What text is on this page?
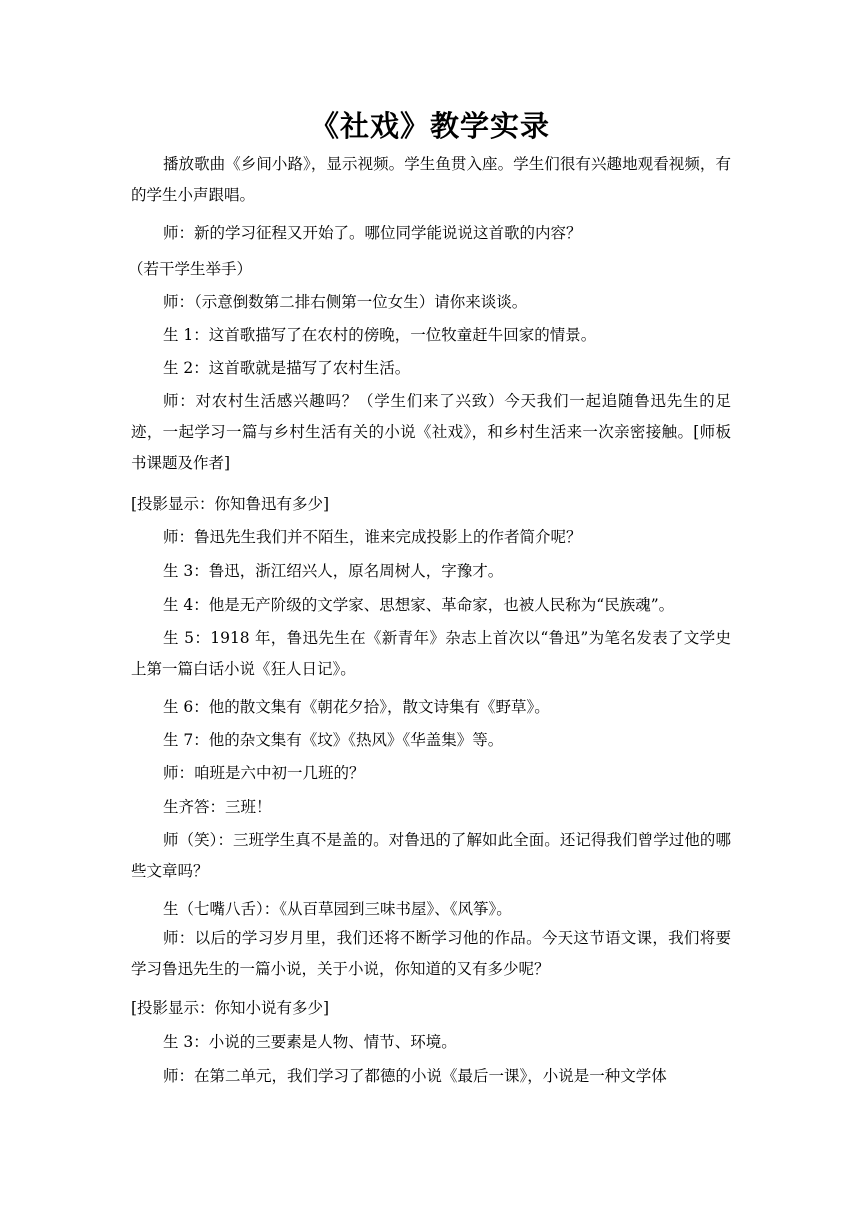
《社戏》教学实录
播放歌曲《乡间小路》，显示视频。学生鱼贯入座。学生们很有兴趣地观看视频，有的学生小声跟唱。
师：新的学习征程又开始了。哪位同学能说说这首歌的内容？
（若干学生举手）
师：（示意倒数第二排右侧第一位女生）请你来谈谈。
生 1：这首歌描写了在农村的傍晚，一位牧童赶牛回家的情景。
生 2：这首歌就是描写了农村生活。
师：对农村生活感兴趣吗？（学生们来了兴致）今天我们一起追随鲁迅先生的足迹，一起学习一篇与乡村生活有关的小说《社戏》，和乡村生活来一次亲密接触。[师板书课题及作者]
[投影显示：你知鲁迅有多少]
师：鲁迅先生我们并不陌生，谁来完成投影上的作者简介呢？
生 3：鲁迅，浙江绍兴人，原名周树人，字豫才。
生 4：他是无产阶级的文学家、思想家、革命家，也被人民称为“民族魂”。
生 5：1918 年，鲁迅先生在《新青年》杂志上首次以“鲁迅”为笔名发表了文学史上第一篇白话小说《狂人日记》。
生 6：他的散文集有《朝花夕拾》，散文诗集有《野草》。
生 7：他的杂文集有《坟》《热风》《华盖集》等。
师：咱班是六中初一几班的？
生齐答：三班！
师（笑）：三班学生真不是盖的。对鲁迅的了解如此全面。还记得我们曾学过他的哪些文章吗？
生（七嘴八舌）：《从百草园到三味书屋》、《风筝》。
师：以后的学习岁月里，我们还将不断学习他的作品。今天这节语文课，我们将要学习鲁迅先生的一篇小说，关于小说，你知道的又有多少呢？
[投影显示：你知小说有多少]
生 3：小说的三要素是人物、情节、环境。
师：在第二单元，我们学习了都德的小说《最后一课》，小说是一种文学体
